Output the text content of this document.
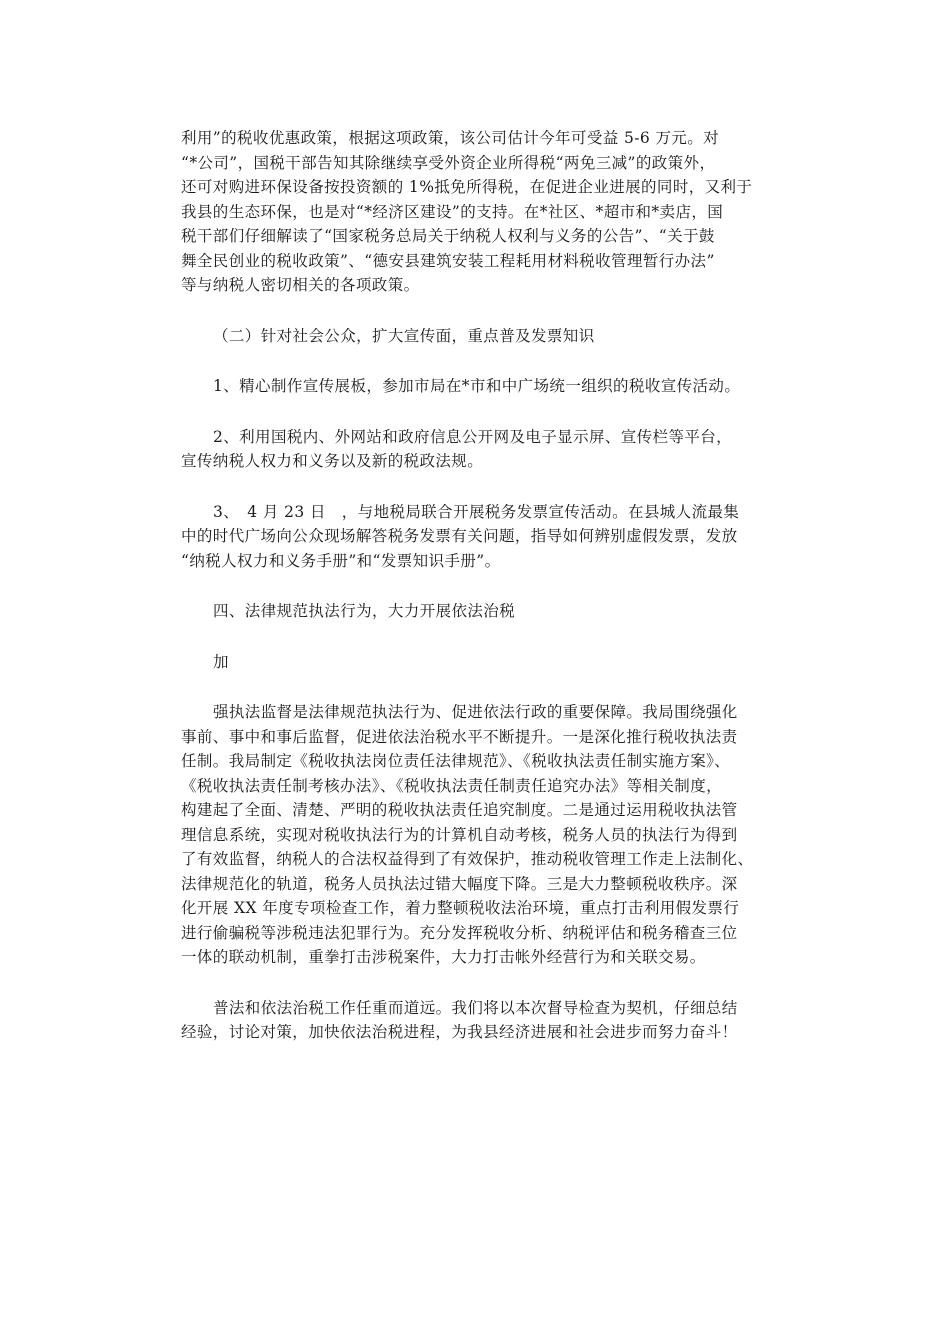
利用”的税收优惠政策，根据这项政策，该公司估计今年可受益 5-6 万元。对
“*公司”，国税干部告知其除继续享受外资企业所得税“两免三减”的政策外，
还可对购进环保设备按投资额的 1%抵免所得税，在促进企业进展的同时，又利于
我县的生态环保，也是对“*经济区建设”的支持。在*社区、*超市和*卖店，国
税干部们仔细解读了“国家税务总局关于纳税人权利与义务的公告”、“关于鼓
舞全民创业的税收政策”、“德安县建筑安装工程耗用材料税收管理暂行办法”
等与纳税人密切相关的各项政策。

（二）针对社会公众，扩大宣传面，重点普及发票知识

1、精心制作宣传展板，参加市局在*市和中广场统一组织的税收宣传活动。

2、利用国税内、外网站和政府信息公开网及电子显示屏、宣传栏等平台，
宣传纳税人权力和义务以及新的税政法规。

3、　4 月 23 日　，与地税局联合开展税务发票宣传活动。在县城人流最集
中的时代广场向公众现场解答税务发票有关问题，指导如何辨别虚假发票，发放
“纳税人权力和义务手册”和“发票知识手册”。

四、法律规范执法行为，大力开展依法治税

加

强执法监督是法律规范执法行为、促进依法行政的重要保障。我局围绕强化
事前、事中和事后监督，促进依法治税水平不断提升。一是深化推行税收执法责
任制。我局制定《税收执法岗位责任法律规范》、《税收执法责任制实施方案》、
《税收执法责任制考核办法》、《税收执法责任制责任追究办法》等相关制度，
构建起了全面、清楚、严明的税收执法责任追究制度。二是通过运用税收执法管
理信息系统，实现对税收执法行为的计算机自动考核，税务人员的执法行为得到
了有效监督，纳税人的合法权益得到了有效保护，推动税收管理工作走上法制化、
法律规范化的轨道，税务人员执法过错大幅度下降。三是大力整顿税收秩序。深
化开展 XX 年度专项检查工作，着力整顿税收法治环境，重点打击利用假发票行
进行偷骗税等涉税违法犯罪行为。充分发挥税收分析、纳税评估和税务稽查三位
一体的联动机制，重拳打击涉税案件，大力打击帐外经营行为和关联交易。

普法和依法治税工作任重而道远。我们将以本次督导检查为契机，仔细总结
经验，讨论对策，加快依法治税进程，为我县经济进展和社会进步而努力奋斗！
